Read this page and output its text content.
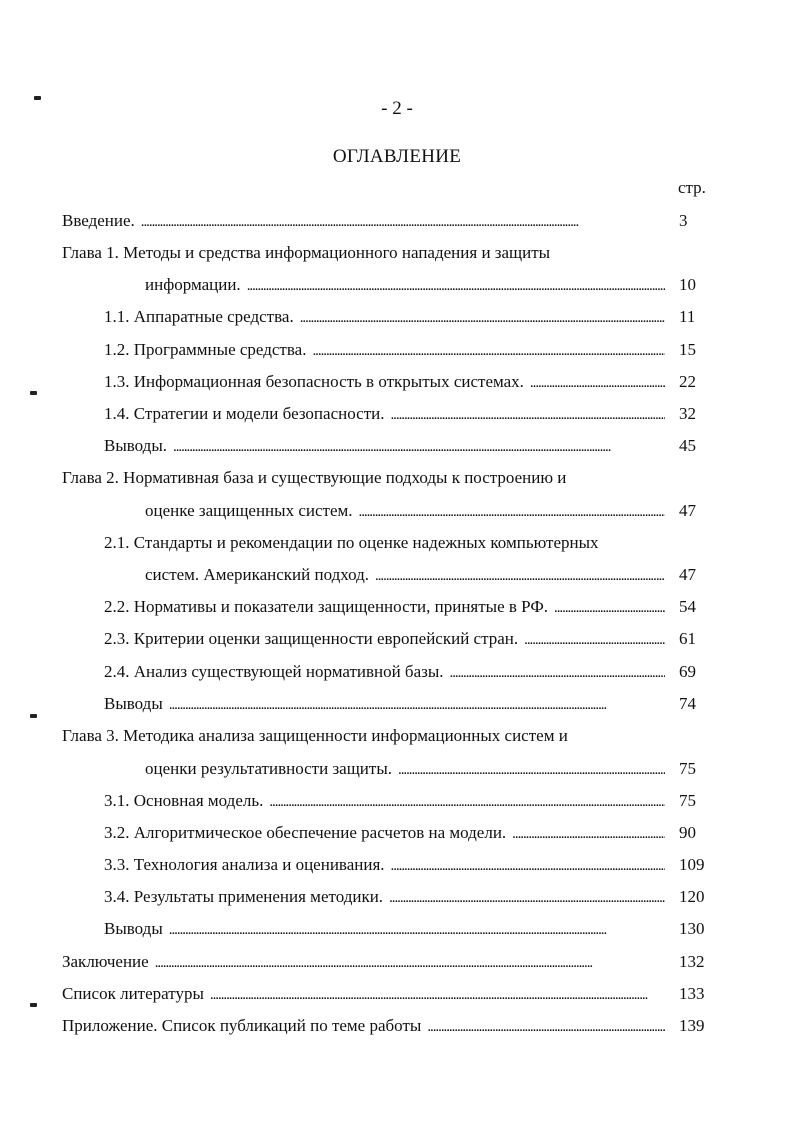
- 2 -
ОГЛАВЛЕНИЕ
стр.
Введение. . . .	3
Глава 1. Методы и средства информационного нападения и защиты
информации. . . .	10
1.1. Аппаратные средства. . . .	11
1.2. Программные средства. . . .	15
1.3. Информационная безопасность в открытых системах. . . .	22
1.4. Стратегии и модели безопасности. . . .	32
Выводы. . . .	45
Глава 2. Нормативная база и существующие подходы к построению и
оценке защищенных систем. . . .	47
2.1. Стандарты и рекомендации по оценке надежных компьютерных
систем. Американский подход. . . .	47
2.2. Нормативы и показатели защищенности, принятые в РФ. . . .	54
2.3. Критерии оценки защищенности европейский стран. . . .	61
2.4. Анализ существующей нормативной базы. . . .	69
Выводы . . .	74
Глава 3. Методика анализа защищенности информационных систем и
оценки результативности защиты. . . .	75
3.1. Основная модель. . . .	75
3.2. Алгоритмическое обеспечение расчетов на модели. . . .	90
3.3. Технология анализа и оценивания. . . .	109
3.4. Результаты применения методики. . . .	120
Выводы . . .	130
Заключение . . .	132
Список литературы . . .	133
Приложение. Список публикаций по теме работы . . .	139
